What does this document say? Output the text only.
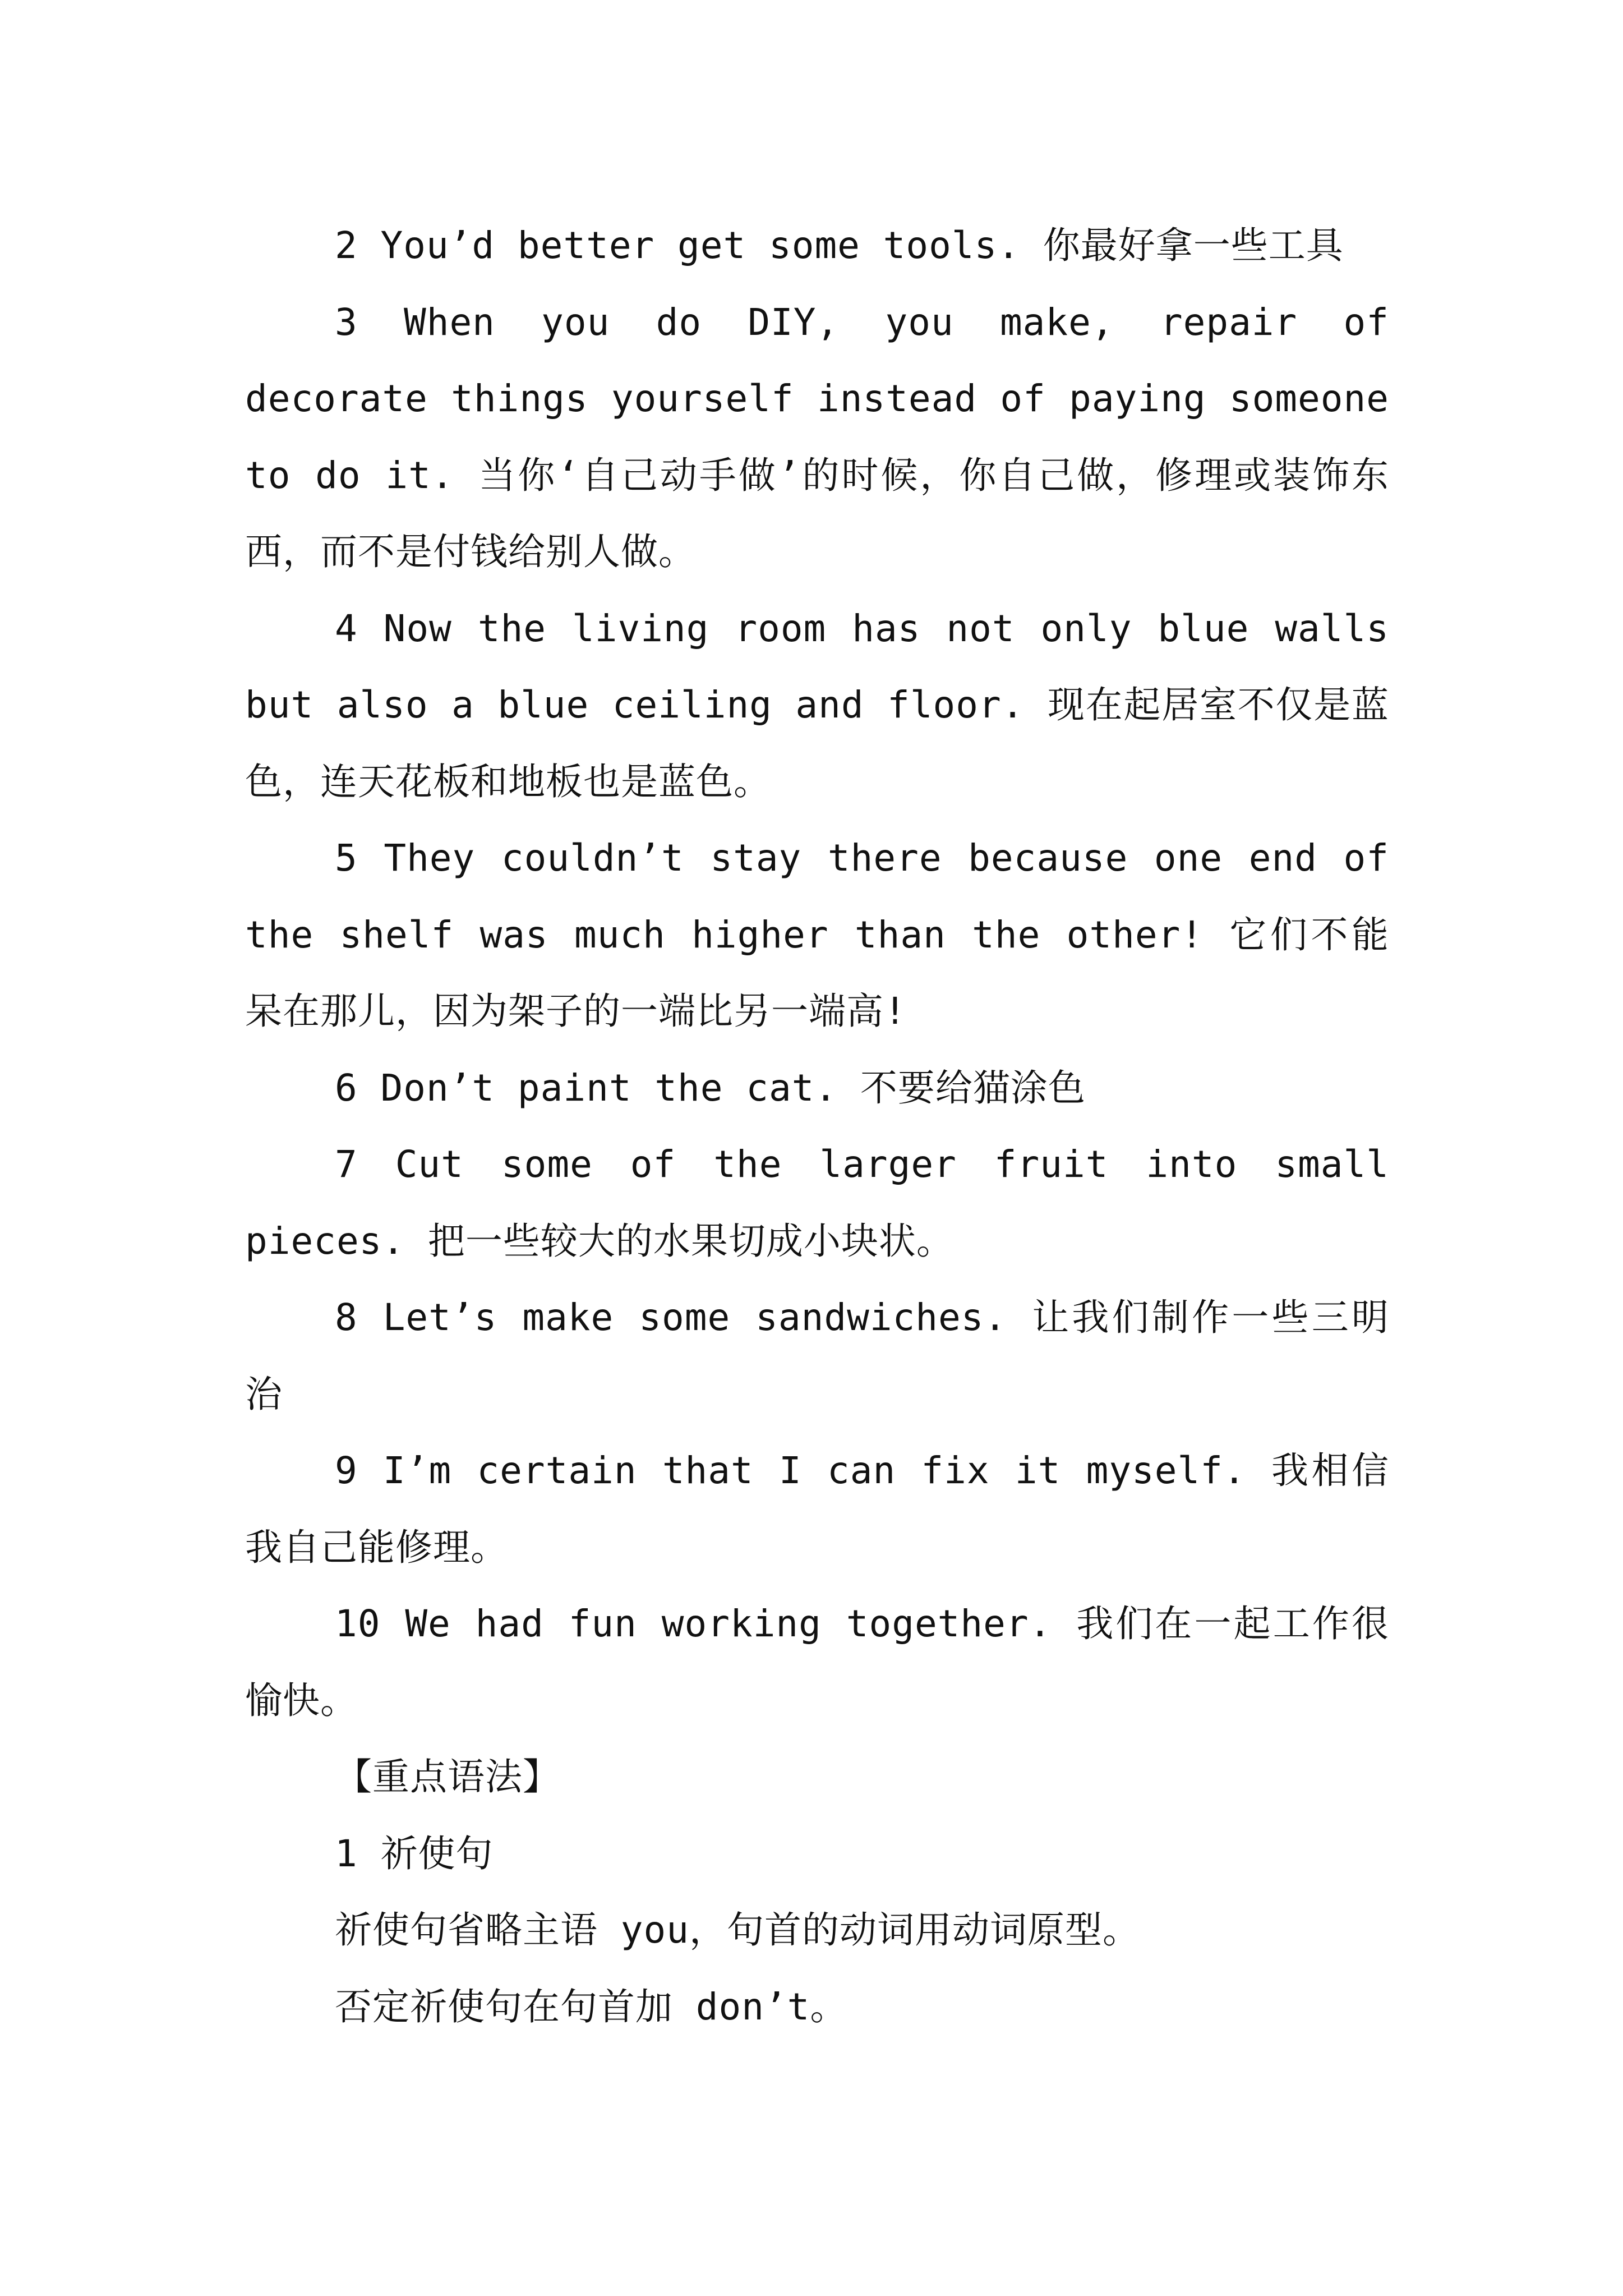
2 You’d better get some tools. 你最好拿一些工具

3 When you do DIY, you make, repair of decorate things yourself instead of paying someone to do it. 当你‘自己动手做’的时候，你自己做，修理或装饰东西，而不是付钱给别人做。

4 Now the living room has not only blue walls but also a blue ceiling and floor. 现在起居室不仅是蓝色，连天花板和地板也是蓝色。

5 They couldn’t stay there because one end of the shelf was much higher than the other! 它们不能呆在那儿，因为架子的一端比另一端高!

6 Don’t paint the cat. 不要给猫涂色

7 Cut some of the larger fruit into small pieces. 把一些较大的水果切成小块状。

8 Let’s make some sandwiches. 让我们制作一些三明治

9 I’m certain that I can fix it myself. 我相信我自己能修理。

10 We had fun working together. 我们在一起工作很愉快。

【重点语法】

1 祈使句

祈使句省略主语 you，句首的动词用动词原型。

否定祈使句在句首加 don’t。
